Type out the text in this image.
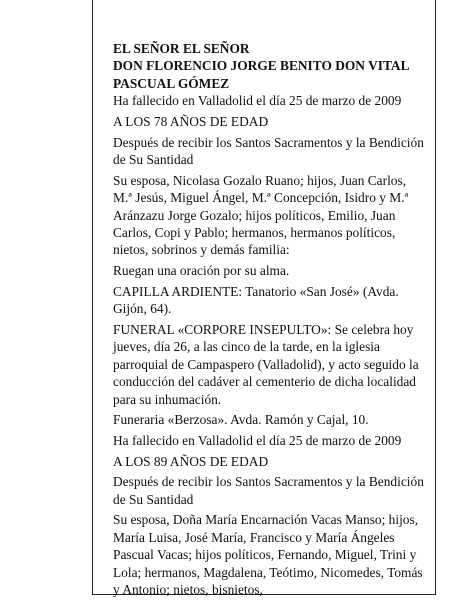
EL SEÑOR EL SEÑOR

DON FLORENCIO JORGE BENITO DON VITAL PASCUAL GÓMEZ

Ha fallecido en Valladolid el día 25 de marzo de 2009

A LOS 78 AÑOS DE EDAD

Después de recibir los Santos Sacramentos y la Bendición de Su Santidad

Su esposa, Nicolasa Gozalo Ruano; hijos, Juan Carlos, M.ª Jesús, Miguel Ángel, M.ª Concepción, Isidro y M.ª Aránzazu Jorge Gozalo; hijos políticos, Emilio, Juan Carlos, Copi y Pablo; hermanos, hermanos políticos, nietos, sobrinos y demás familia:

Ruegan una oración por su alma.

CAPILLA ARDIENTE: Tanatorio «San José» (Avda. Gijón, 64).

FUNERAL «CORPORE INSEPULTO»: Se celebra hoy jueves, día 26, a las cinco de la tarde, en la iglesia parroquial de Campaspero (Valladolid), y acto seguido la conducción del cadáver al cementerio de dicha localidad para su inhumación.

Funeraria «Berzosa». Avda. Ramón y Cajal, 10.

Ha fallecido en Valladolid el día 25 de marzo de 2009

A LOS 89 AÑOS DE EDAD

Después de recibir los Santos Sacramentos y la Bendición de Su Santidad

Su esposa, Doña María Encarnación Vacas Manso; hijos, María Luisa, José María, Francisco y María Ángeles Pascual Vacas; hijos políticos, Fernando, Miguel, Trini y Lola; hermanos, Magdalena, Teótimo, Nicomedes, Tomás y Antonio; nietos, bisnietos,
